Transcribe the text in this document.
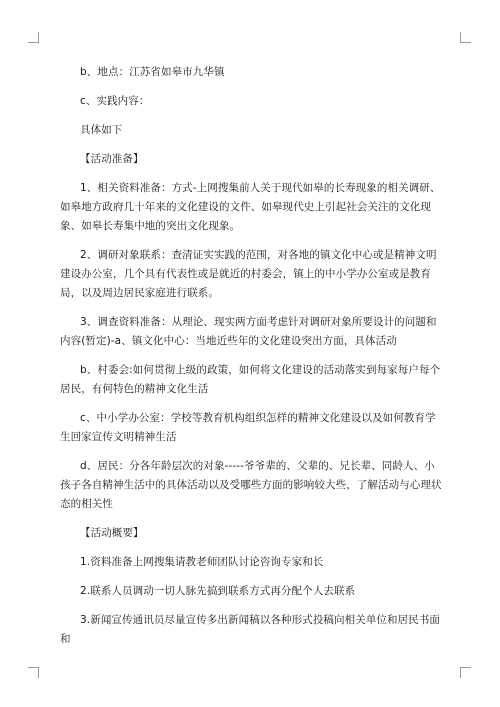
b、地点：江苏省如皋市九华镇

c、实践内容：

具体如下

【活动准备】

1、相关资料准备：方式-上网搜集前人关于现代如皋的长寿现象的相关调研、如皋地方政府几十年来的文化建设的文件、如皋现代史上引起社会关注的文化现象、如皋长寿集中地的突出文化现象。

2、调研对象联系：查清证实实践的范围，对各地的镇文化中心或是精神文明建设办公室，几个具有代表性或是就近的村委会，镇上的中小学办公室或是教育局，以及周边居民家庭进行联系。

3、调查资料准备：从理论、现实两方面考虑针对调研对象所要设计的问题和内容(暂定)-a、镇文化中心：当地近些年的文化建设突出方面，具体活动

b、村委会:如何贯彻上级的政策，如何将文化建设的活动落实到每家每户每个居民，有何特色的精神文化生活

c、中小学办公室：学校等教育机构组织怎样的精神文化建设以及如何教育学生回家宣传文明精神生活

d、居民：分各年龄层次的对象-----爷爷辈的、父辈的、兄长辈、同龄人、小孩子各自精神生活中的具体活动以及受哪些方面的影响较大些，了解活动与心理状态的相关性

【活动概要】

1.资料准备上网搜集请教老师团队讨论咨询专家和长

2.联系人员调动一切人脉先搞到联系方式再分配个人去联系

3.新闻宣传通讯员尽量宣传多出新闻稿以各种形式投稿向相关单位和居民书面和
